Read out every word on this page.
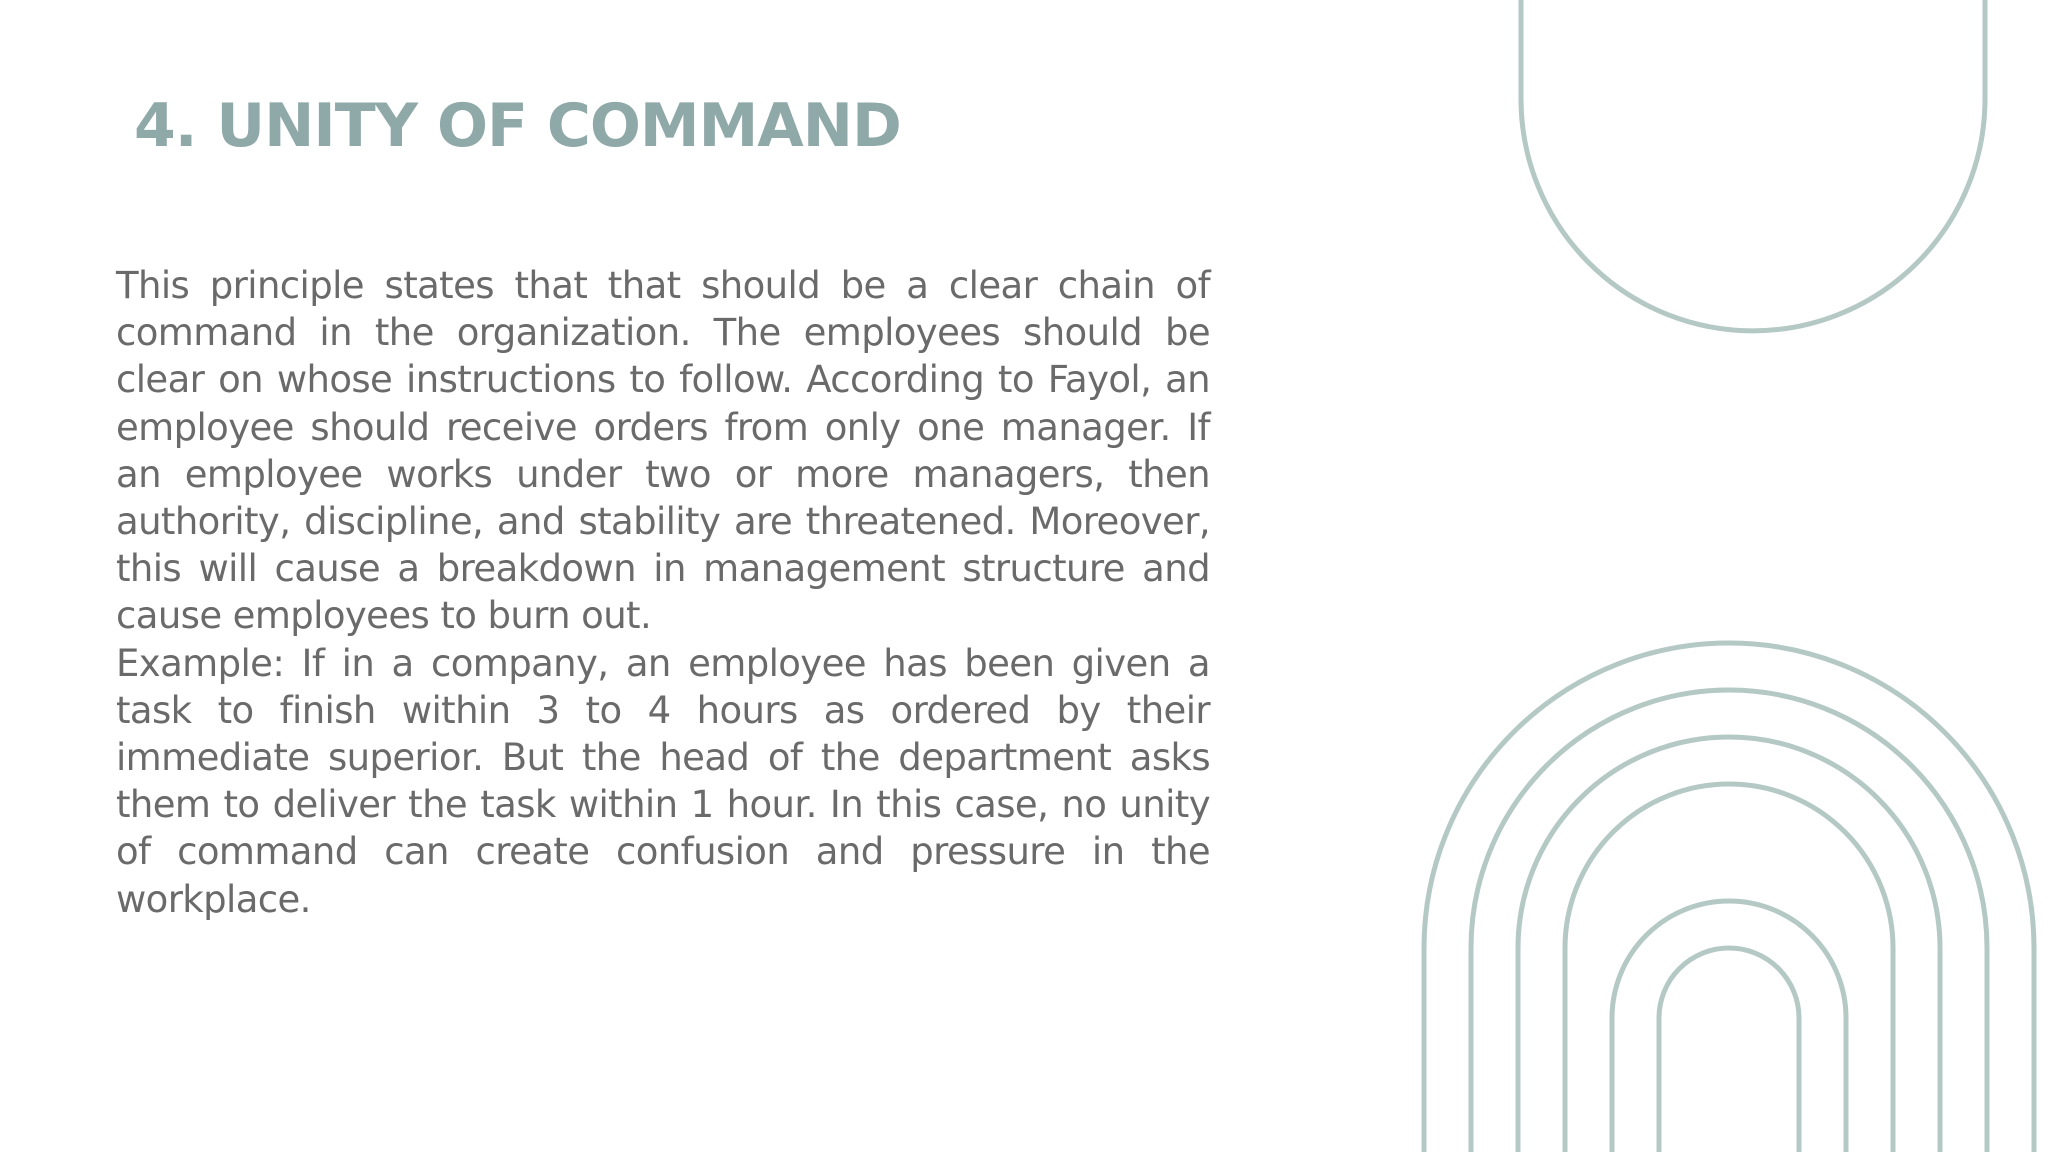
4. UNITY OF COMMAND

This principle states that that should be a clear chain of command in the organization. The employees should be clear on whose instructions to follow. According to Fayol, an employee should receive orders from only one manager. If an employee works under two or more managers, then authority, discipline, and stability are threatened. Moreover, this will cause a breakdown in management structure and cause employees to burn out.

Example: If in a company, an employee has been given a task to finish within 3 to 4 hours as ordered by their immediate superior. But the head of the department asks them to deliver the task within 1 hour. In this case, no unity of command can create confusion and pressure in the workplace.
